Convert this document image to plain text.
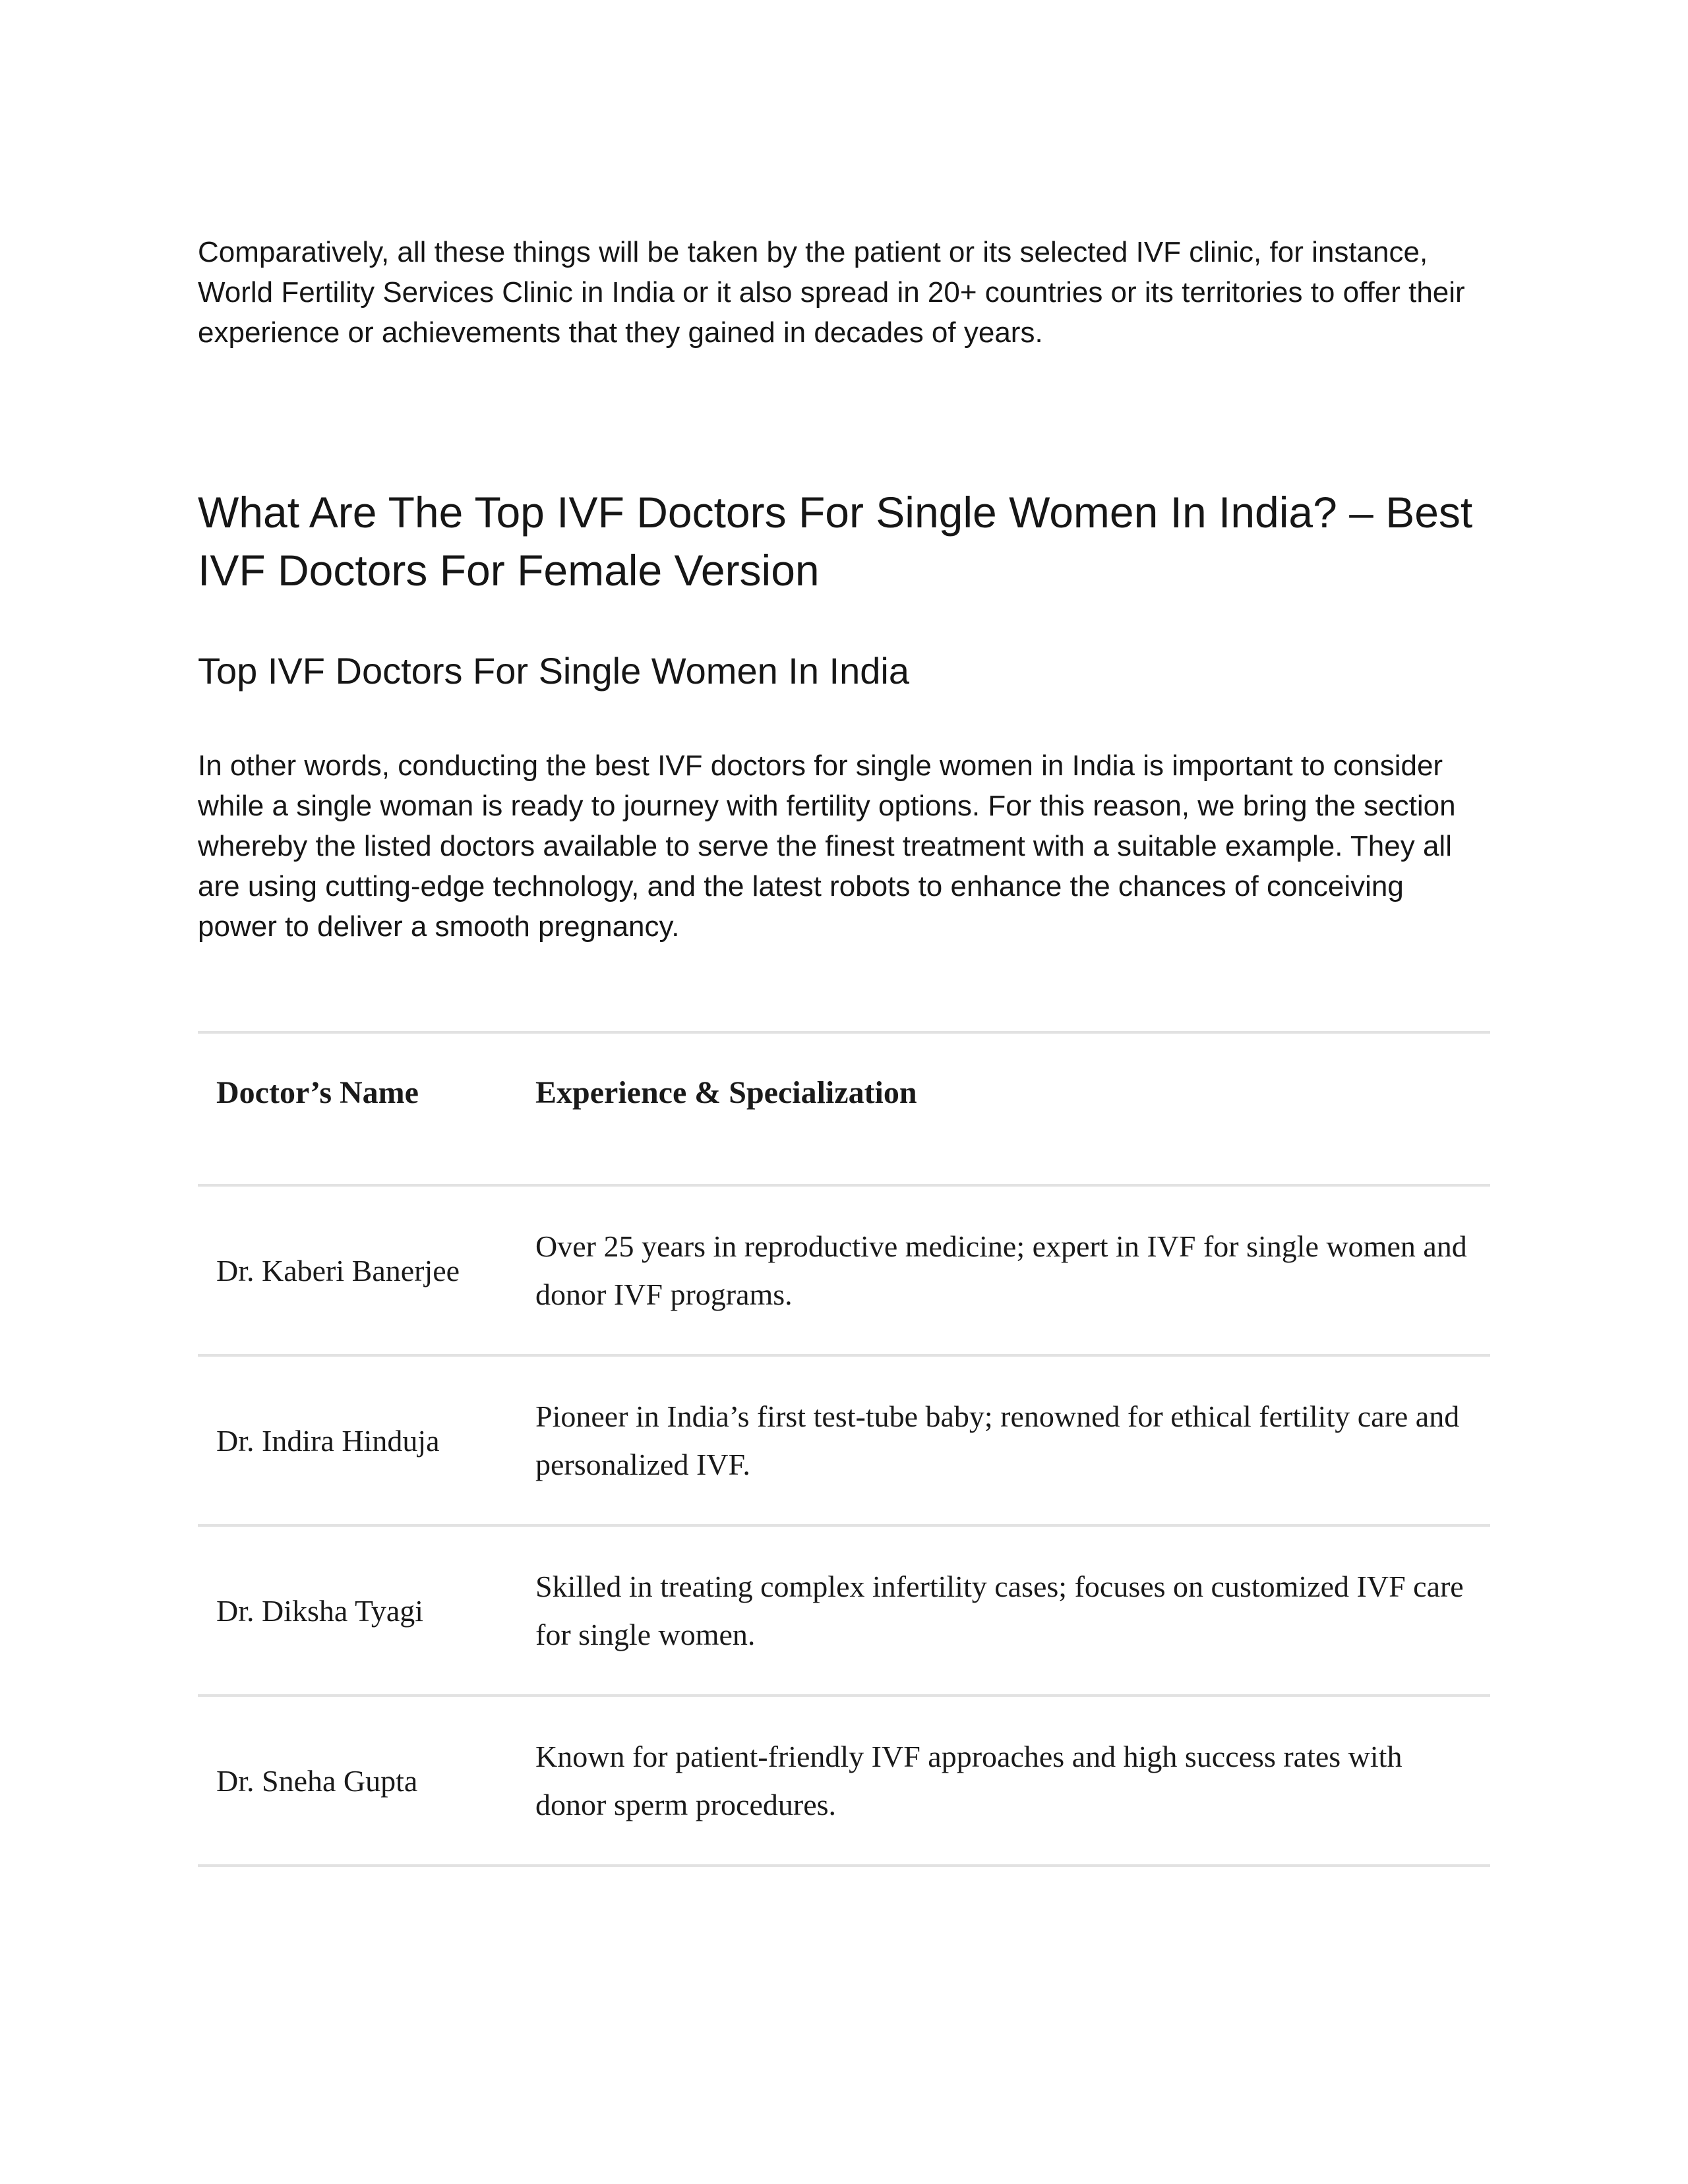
Comparatively, all these things will be taken by the patient or its selected IVF clinic, for instance, World Fertility Services Clinic in India or it also spread in 20+ countries or its territories to offer their experience or achievements that they gained in decades of years.

What Are The Top IVF Doctors For Single Women In India? – Best IVF Doctors For Female Version
Top IVF Doctors For Single Women In India

In other words, conducting the best IVF doctors for single women in India is important to consider while a single woman is ready to journey with fertility options. For this reason, we bring the section whereby the listed doctors available to serve the finest treatment with a suitable example. They all are using cutting-edge technology, and the latest robots to enhance the chances of conceiving power to deliver a smooth pregnancy.

Doctor’s Name	Experience & Specialization
Dr. Kaberi Banerjee	Over 25 years in reproductive medicine; expert in IVF for single women and donor IVF programs.
Dr. Indira Hinduja	Pioneer in India’s first test-tube baby; renowned for ethical fertility care and personalized IVF.
Dr. Diksha Tyagi	Skilled in treating complex infertility cases; focuses on customized IVF care for single women.
Dr. Sneha Gupta	Known for patient-friendly IVF approaches and high success rates with donor sperm procedures.
